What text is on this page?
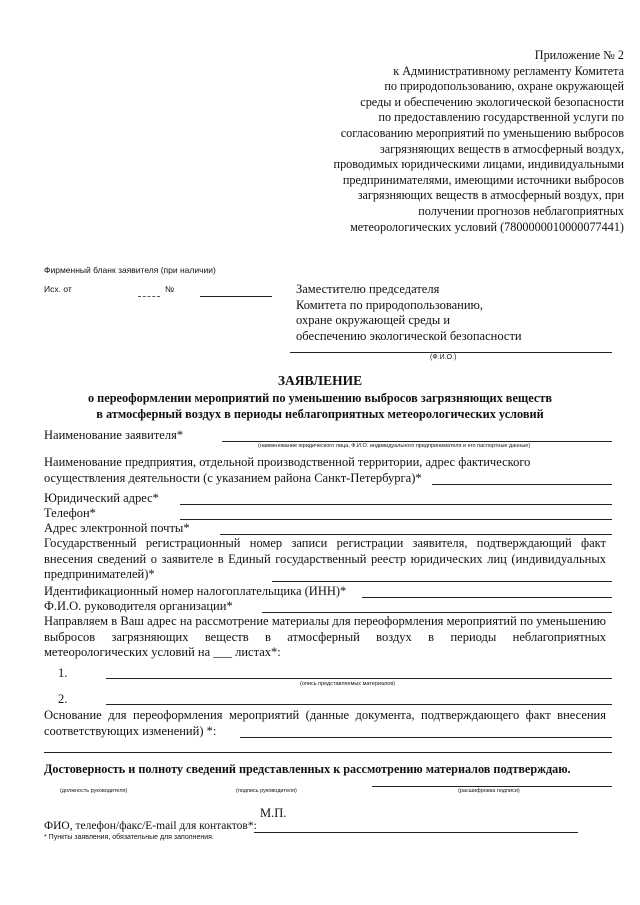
Приложение № 2
к Административному регламенту Комитета
по природопользованию, охране окружающей
среды и обеспечению экологической безопасности
по предоставлению государственной услуги по
согласованию мероприятий по уменьшению выбросов
загрязняющих веществ в атмосферный воздух,
проводимых юридическими лицами, индивидуальными
предпринимателями, имеющими источники выбросов
загрязняющих веществ в атмосферный воздух, при
получении прогнозов неблагоприятных
метеорологических условий (7800000010000077441)
Фирменный бланк заявителя (при наличии)
Исх. от	№	Заместителю председателя
Комитета по природопользованию,
охране окружающей среды и
обеспечению экологической безопасности
(Ф.И.О.)
ЗАЯВЛЕНИЕ
о переоформлении мероприятий по уменьшению выбросов загрязняющих веществ
в атмосферный воздух в периоды неблагоприятных метеорологических условий
Наименование заявителя*
(наименование юридического лица, Ф.И.О. индивидуального предпринимателя и его паспортные данные)
Наименование предприятия, отдельной производственной территории, адрес фактического осуществления деятельности (с указанием района Санкт-Петербурга)*
Юридический адрес*
Телефон*
Адрес электронной почты*
Государственный регистрационный номер записи регистрации заявителя, подтверждающий факт внесения сведений о заявителе в Единый государственный реестр юридических лиц (индивидуальных предпринимателей)*
Идентификационный номер налогоплательщика (ИНН)*
Ф.И.О. руководителя организации*
Направляем в Ваш адрес на рассмотрение материалы для переоформления мероприятий по уменьшению выбросов загрязняющих веществ в атмосферный воздух в периоды неблагоприятных метеорологических условий на ___ листах*:
1.
(опись представляемых материалов)
2.
Основание для переоформления мероприятий (данные документа, подтверждающего факт внесения соответствующих изменений) *:
Достоверность и полноту сведений представленных к рассмотрению материалов подтверждаю.
(должность руководителя)	(подпись руководителя)	(расшифровка подписи)
М.П.
ФИО, телефон/факс/E-mail для контактов*:
* Пункты заявления, обязательные для заполнения.
